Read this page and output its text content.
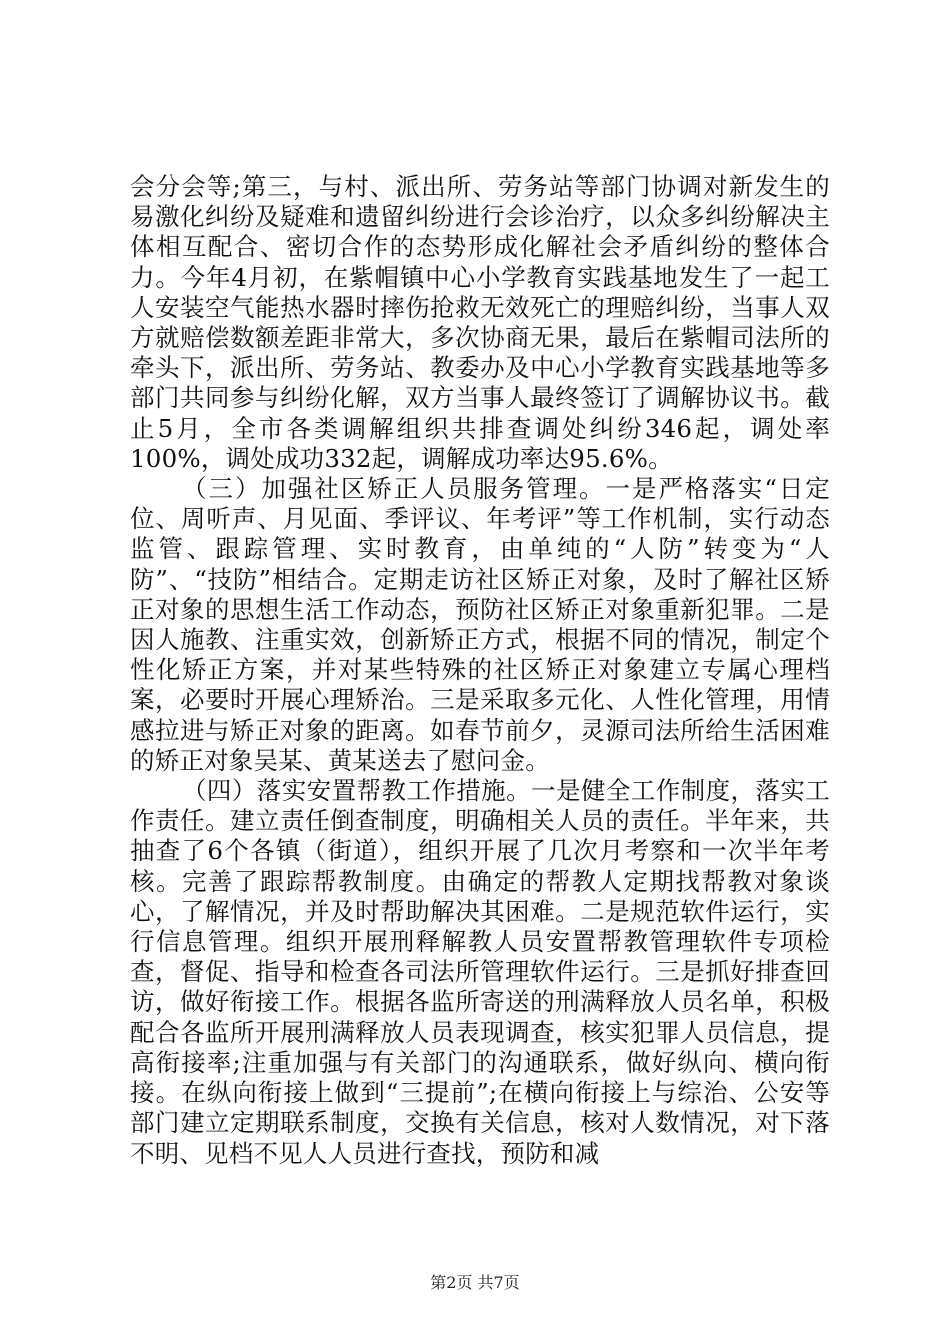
会分会等;第三，与村、派出所、劳务站等部门协调对新发生的易激化纠纷及疑难和遗留纠纷进行会诊治疗，以众多纠纷解决主体相互配合、密切合作的态势形成化解社会矛盾纠纷的整体合力。今年4月初，在紫帽镇中心小学教育实践基地发生了一起工人安装空气能热水器时摔伤抢救无效死亡的理赔纠纷，当事人双方就赔偿数额差距非常大，多次协商无果，最后在紫帽司法所的牵头下，派出所、劳务站、教委办及中心小学教育实践基地等多部门共同参与纠纷化解，双方当事人最终签订了调解协议书。截止5月，全市各类调解组织共排查调处纠纷346起，调处率100%，调处成功332起，调解成功率达95.6%。

（三）加强社区矫正人员服务管理。一是严格落实“日定位、周听声、月见面、季评议、年考评”等工作机制，实行动态监管、跟踪管理、实时教育，由单纯的“人防”转变为“人防”、“技防”相结合。定期走访社区矫正对象，及时了解社区矫正对象的思想生活工作动态，预防社区矫正对象重新犯罪。二是因人施教、注重实效，创新矫正方式，根据不同的情况，制定个性化矫正方案，并对某些特殊的社区矫正对象建立专属心理档案，必要时开展心理矫治。三是采取多元化、人性化管理，用情感拉进与矫正对象的距离。如春节前夕，灵源司法所给生活困难的矫正对象吴某、黄某送去了慰问金。

（四）落实安置帮教工作措施。一是健全工作制度，落实工作责任。建立责任倒查制度，明确相关人员的责任。半年来，共抽查了6个各镇（街道），组织开展了几次月考察和一次半年考核。完善了跟踪帮教制度。由确定的帮教人定期找帮教对象谈心，了解情况，并及时帮助解决其困难。二是规范软件运行，实行信息管理。组织开展刑释解教人员安置帮教管理软件专项检查，督促、指导和检查各司法所管理软件运行。三是抓好排查回访，做好衔接工作。根据各监所寄送的刑满释放人员名单，积极配合各监所开展刑满释放人员表现调查，核实犯罪人员信息，提高衔接率;注重加强与有关部门的沟通联系，做好纵向、横向衔接。在纵向衔接上做到“三提前”;在横向衔接上与综治、公安等部门建立定期联系制度，交换有关信息，核对人数情况，对下落不明、见档不见人人员进行查找，预防和减

第2页 共7页
